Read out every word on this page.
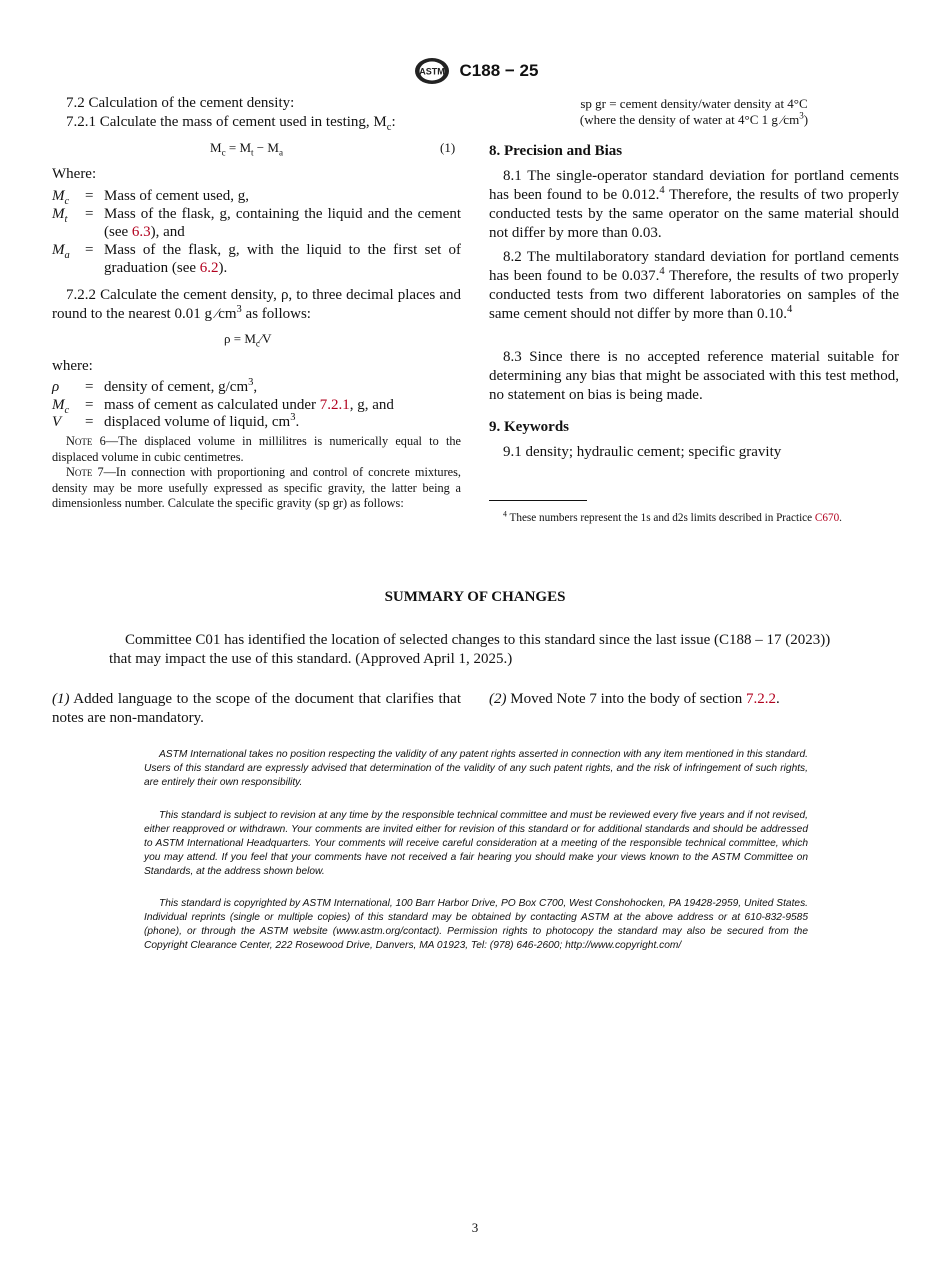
ASTM C188 − 25
7.2 Calculation of the cement density:
7.2.1 Calculate the mass of cement used in testing, $M_c$:
$M_c = M_t - M_a$	(1)
Where:
$M_c$ = Mass of cement used, g,
$M_t$ = Mass of the flask, g, containing the liquid and the cement (see 6.3), and
$M_a$ = Mass of the flask, g, with the liquid to the first set of graduation (see 6.2).
7.2.2 Calculate the cement density, ρ, to three decimal places and round to the nearest 0.01 g $⁄cm^3$ as follows:
$\rho = M_c⁄V$
where:
ρ = density of cement, $g/cm^3$,
$M_c$ = mass of cement as calculated under 7.2.1, g, and
V = displaced volume of liquid, $cm^3$.
Note 6—The displaced volume in millilitres is numerically equal to the displaced volume in cubic centimetres.
Note 7—In connection with proportioning and control of concrete mixtures, density may be more usefully expressed as specific gravity, the latter being a dimensionless number. Calculate the specific gravity (sp gr) as follows:
sp gr = cement density/water density at 4°C
(where the density of water at 4°C 1 g $⁄cm^3$)
8. Precision and Bias
8.1 The single-operator standard deviation for portland cements has been found to be 0.012.$^4$ Therefore, the results of two properly conducted tests by the same operator on the same material should not differ by more than 0.03.
8.2 The multilaboratory standard deviation for portland cements has been found to be 0.037.$^4$ Therefore, the results of two properly conducted tests from two different laboratories on samples of the same cement should not differ by more than 0.10.$^4$
8.3 Since there is no accepted reference material suitable for determining any bias that might be associated with this test method, no statement on bias is being made.
9. Keywords
9.1 density; hydraulic cement; specific gravity
$^4$ These numbers represent the 1s and d2s limits described in Practice C670.
SUMMARY OF CHANGES
Committee C01 has identified the location of selected changes to this standard since the last issue (C188 – 17 (2023)) that may impact the use of this standard. (Approved April 1, 2025.)
(1) Added language to the scope of the document that clarifies that notes are non-mandatory.
(2) Moved Note 7 into the body of section 7.2.2.
ASTM International takes no position respecting the validity of any patent rights asserted in connection with any item mentioned in this standard. Users of this standard are expressly advised that determination of the validity of any such patent rights, and the risk of infringement of such rights, are entirely their own responsibility.
This standard is subject to revision at any time by the responsible technical committee and must be reviewed every five years and if not revised, either reapproved or withdrawn. Your comments are invited either for revision of this standard or for additional standards and should be addressed to ASTM International Headquarters. Your comments will receive careful consideration at a meeting of the responsible technical committee, which you may attend. If you feel that your comments have not received a fair hearing you should make your views known to the ASTM Committee on Standards, at the address shown below.
This standard is copyrighted by ASTM International, 100 Barr Harbor Drive, PO Box C700, West Conshohocken, PA 19428-2959, United States. Individual reprints (single or multiple copies) of this standard may be obtained by contacting ASTM at the above address or at 610-832-9585 (phone), or through the ASTM website (www.astm.org/contact). Permission rights to photocopy the standard may also be secured from the Copyright Clearance Center, 222 Rosewood Drive, Danvers, MA 01923, Tel: (978) 646-2600; http://www.copyright.com/
3
